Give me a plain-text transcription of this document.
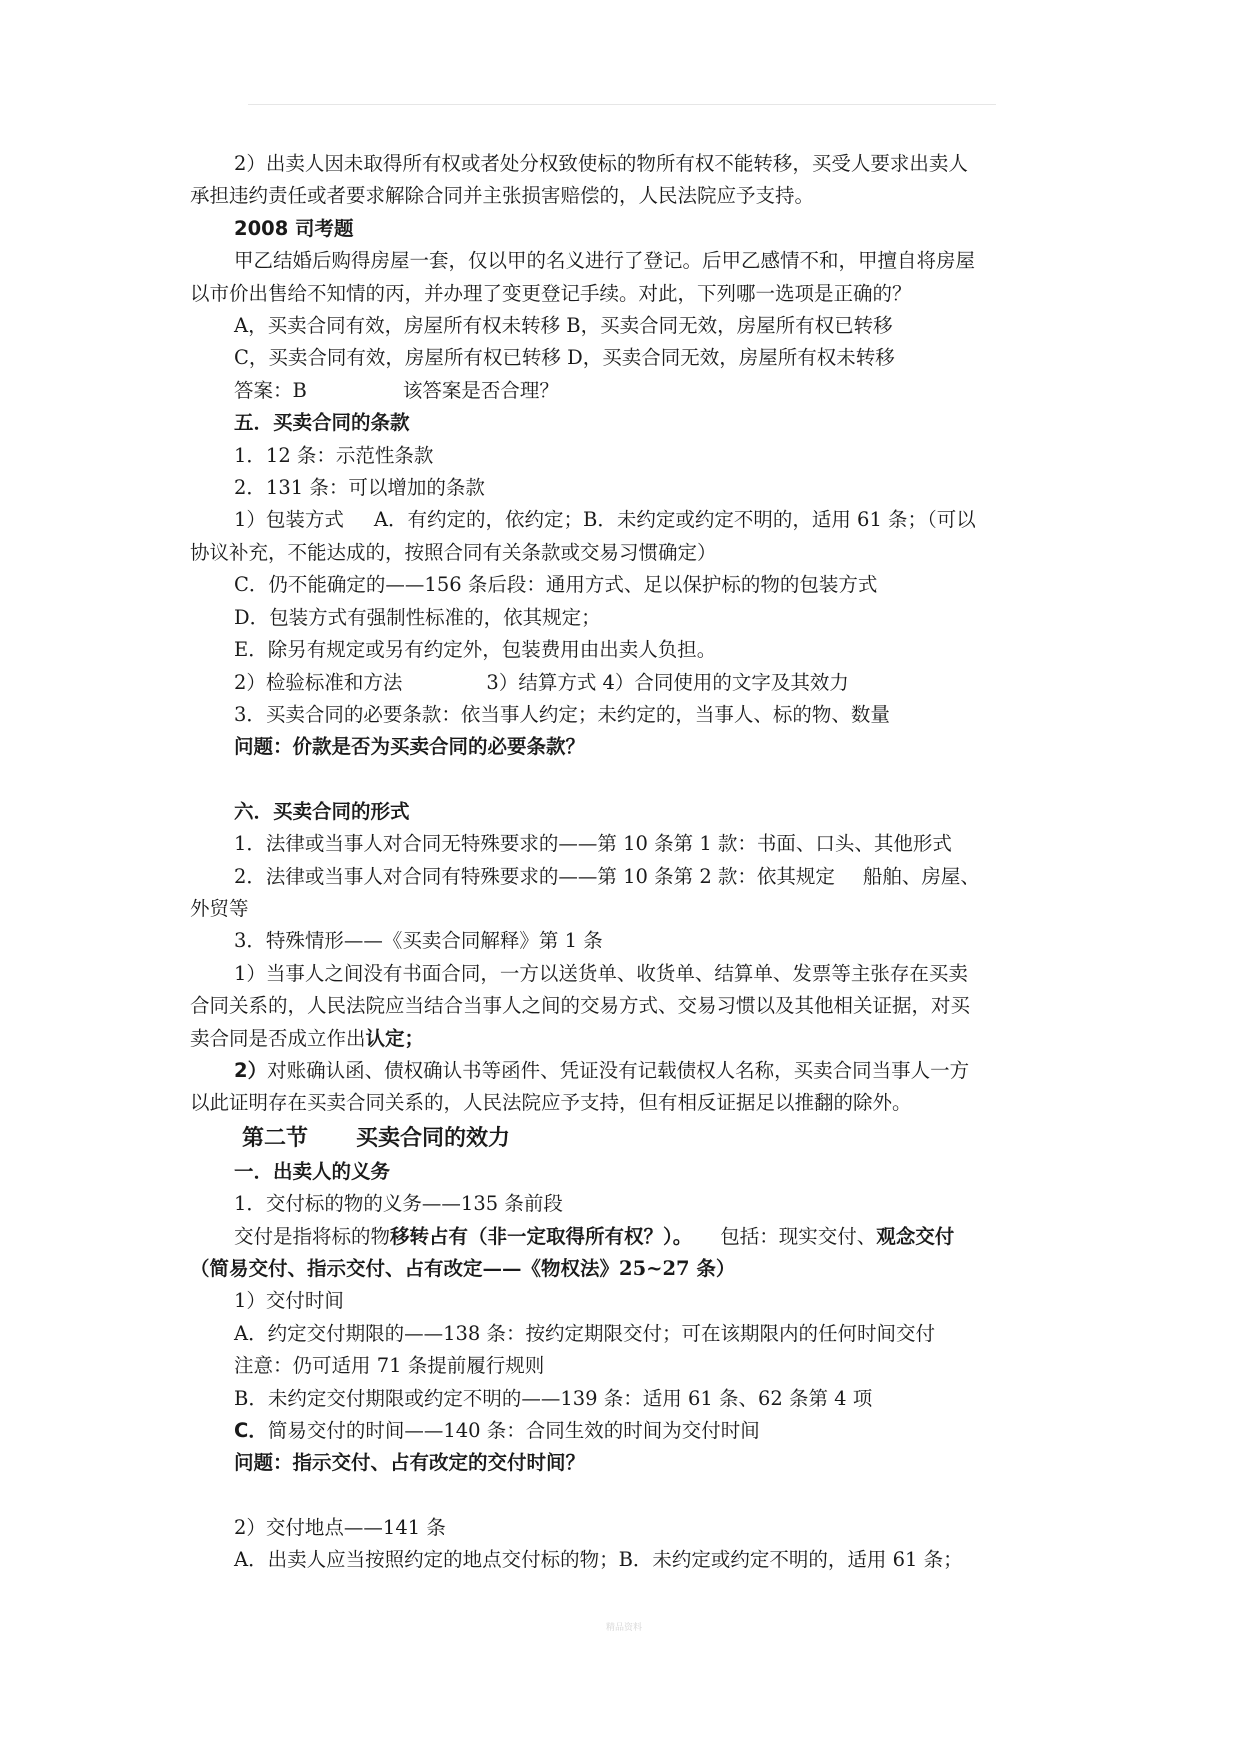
2）出卖人因未取得所有权或者处分权致使标的物所有权不能转移，买受人要求出卖人
承担违约责任或者要求解除合同并主张损害赔偿的，人民法院应予支持。
2008 司考题
甲乙结婚后购得房屋一套，仅以甲的名义进行了登记。后甲乙感情不和，甲擅自将房屋
以市价出售给不知情的丙，并办理了变更登记手续。对此，下列哪一选项是正确的？
A，买卖合同有效，房屋所有权未转移 B，买卖合同无效，房屋所有权已转移
C，买卖合同有效，房屋所有权已转移 D，买卖合同无效，房屋所有权未转移
答案：B	该答案是否合理？
五．买卖合同的条款
1．12 条：示范性条款
2．131 条：可以增加的条款
1）包装方式 A．有约定的，依约定；B．未约定或约定不明的，适用 61 条；（可以
协议补充，不能达成的，按照合同有关条款或交易习惯确定）
C．仍不能确定的——156 条后段：通用方式、足以保护标的物的包装方式
D．包装方式有强制性标准的，依其规定；
E．除另有规定或另有约定外，包装费用由出卖人负担。
2）检验标准和方法	3）结算方式 4）合同使用的文字及其效力
3．买卖合同的必要条款：依当事人约定；未约定的，当事人、标的物、数量
问题：价款是否为买卖合同的必要条款？
六．买卖合同的形式
1．法律或当事人对合同无特殊要求的——第 10 条第 1 款：书面、口头、其他形式
2．法律或当事人对合同有特殊要求的——第 10 条第 2 款：依其规定 船舶、房屋、
外贸等
3．特殊情形——《买卖合同解释》第 1 条
1）当事人之间没有书面合同，一方以送货单、收货单、结算单、发票等主张存在买卖
合同关系的，人民法院应当结合当事人之间的交易方式、交易习惯以及其他相关证据，对买
卖合同是否成立作出认定；
2）对账确认函、债权确认书等函件、凭证没有记载债权人名称，买卖合同当事人一方
以此证明存在买卖合同关系的，人民法院应予支持，但有相反证据足以推翻的除外。
第二节 买卖合同的效力
一．出卖人的义务
1．交付标的物的义务——135 条前段
交付是指将标的物移转占有（非一定取得所有权？）。 包括：现实交付、观念交付
（简易交付、指示交付、占有改定——《物权法》25~27 条）
1）交付时间
A．约定交付期限的——138 条：按约定期限交付；可在该期限内的任何时间交付
注意：仍可适用 71 条提前履行规则
B．未约定交付期限或约定不明的——139 条：适用 61 条、62 条第 4 项
C．简易交付的时间——140 条：合同生效的时间为交付时间
问题：指示交付、占有改定的交付时间？
2）交付地点——141 条
A．出卖人应当按照约定的地点交付标的物；B．未约定或约定不明的，适用 61 条；
精品资料
